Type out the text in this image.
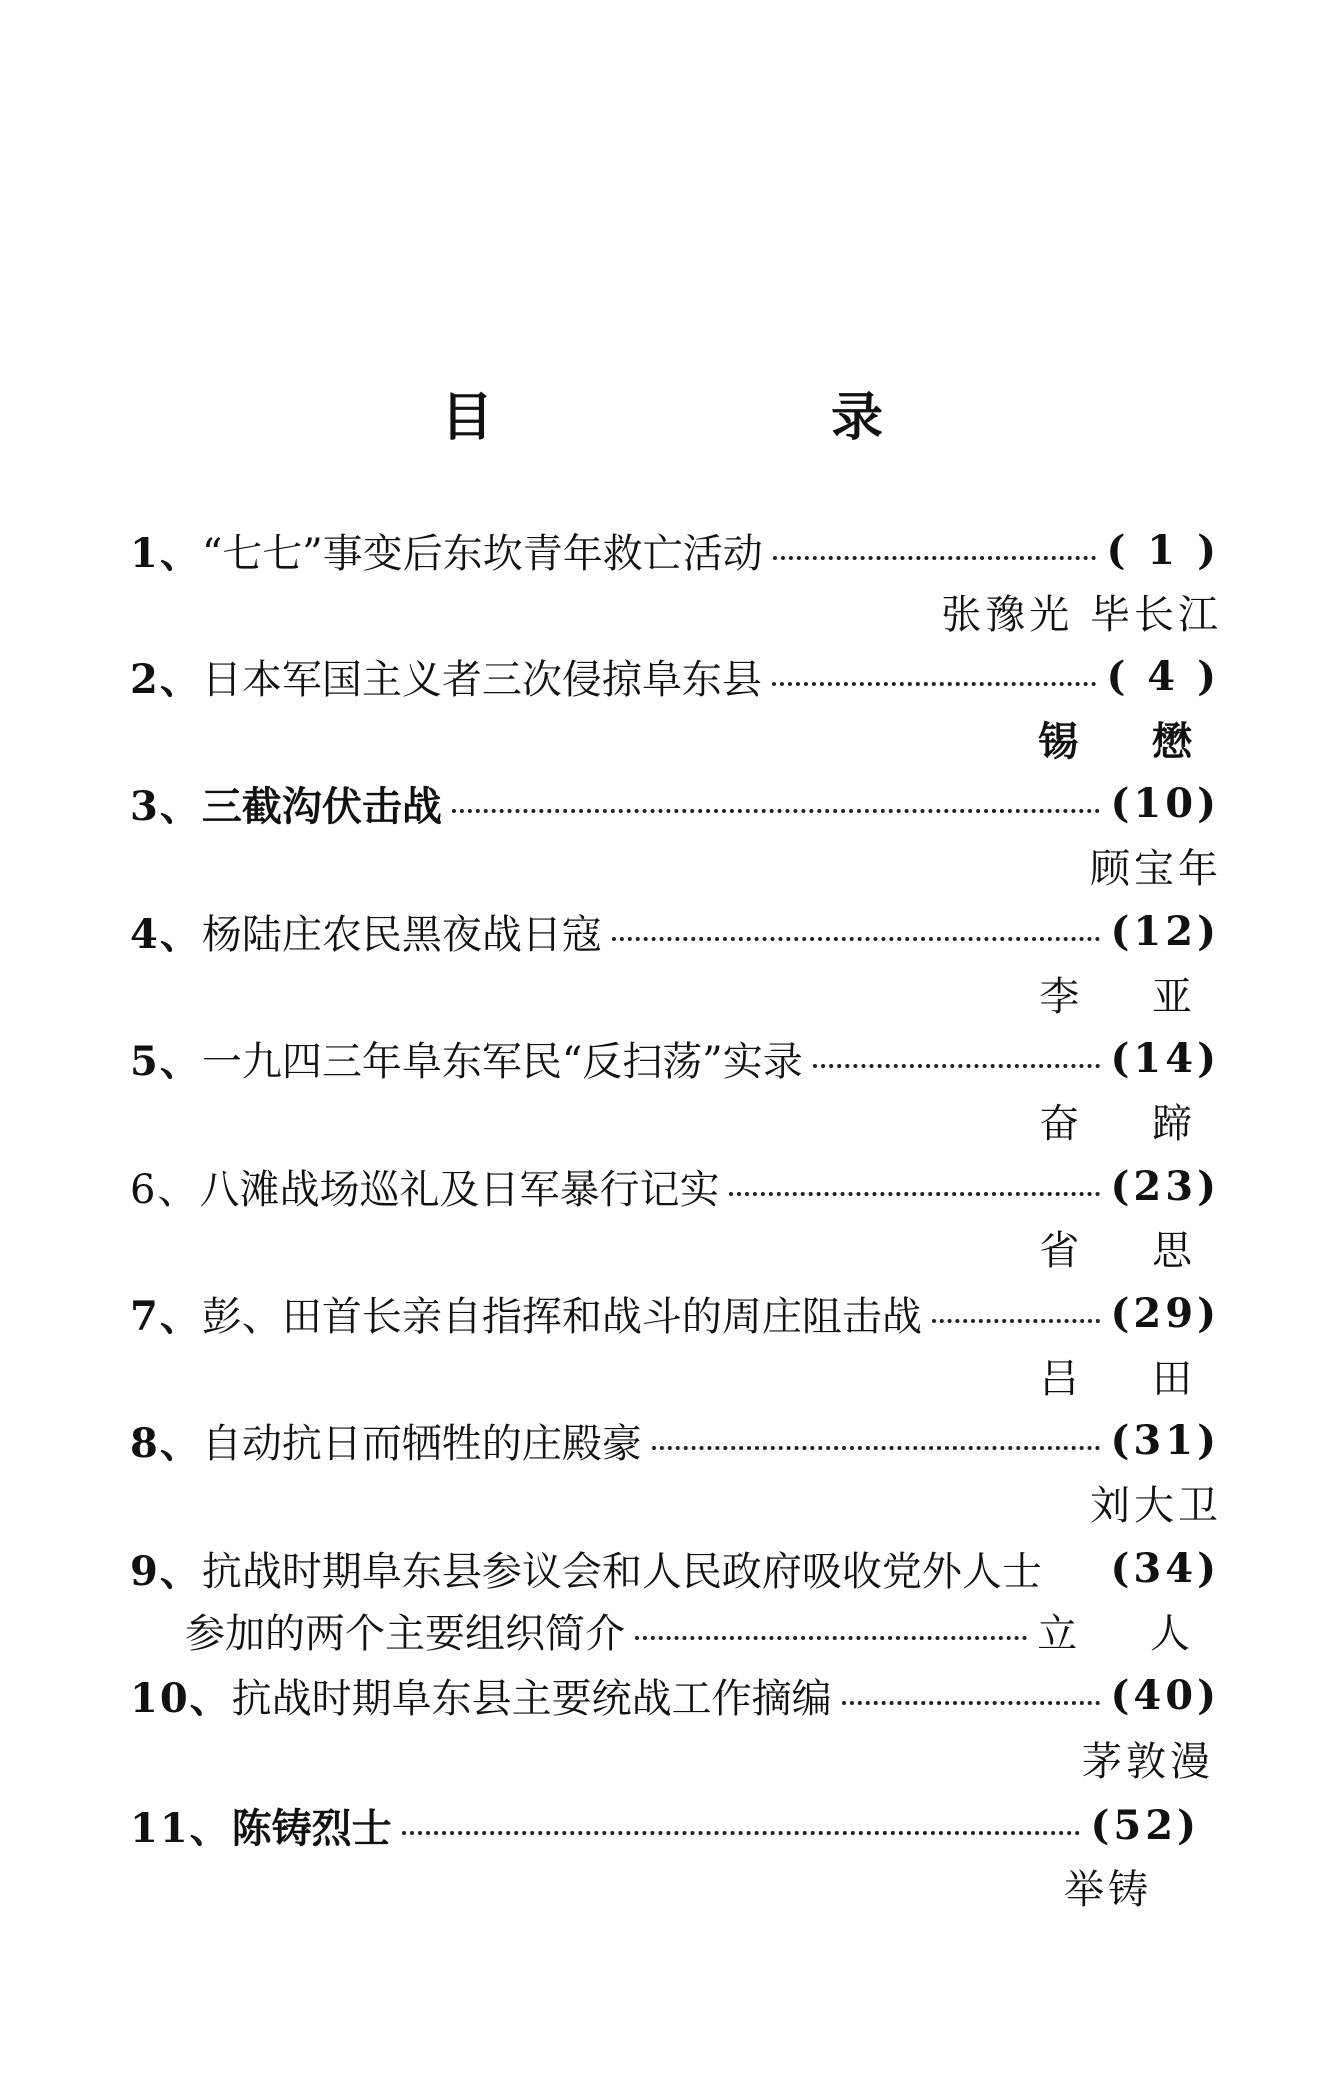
目 录
1、 “七七”事变后东坎青年救亡活动	( 1 )
张豫光 毕长江
2、 日本军国主义者三次侵掠阜东县	( 4 )
锡 懋
3、 三截沟伏击战	(10)
顾宝年
4、 杨陆庄农民黑夜战日寇	(12)
李 亚
5、 一九四三年阜东军民“反扫荡”实录	(14)
奋 蹄
6、 八滩战场巡礼及日军暴行记实	(23)
省 思
7、 彭、田首长亲自指挥和战斗的周庄阻击战	(29)
吕 田
8、 自动抗日而牺牲的庄殿豪	(31)
刘大卫
9、 抗战时期阜东县参议会和人民政府吸收党外人士 (34)
参加的两个主要组织简介	立 人
10、 抗战时期阜东县主要统战工作摘编	(40)
茅敦漫
11、 陈铸烈士	(52)
举铸
